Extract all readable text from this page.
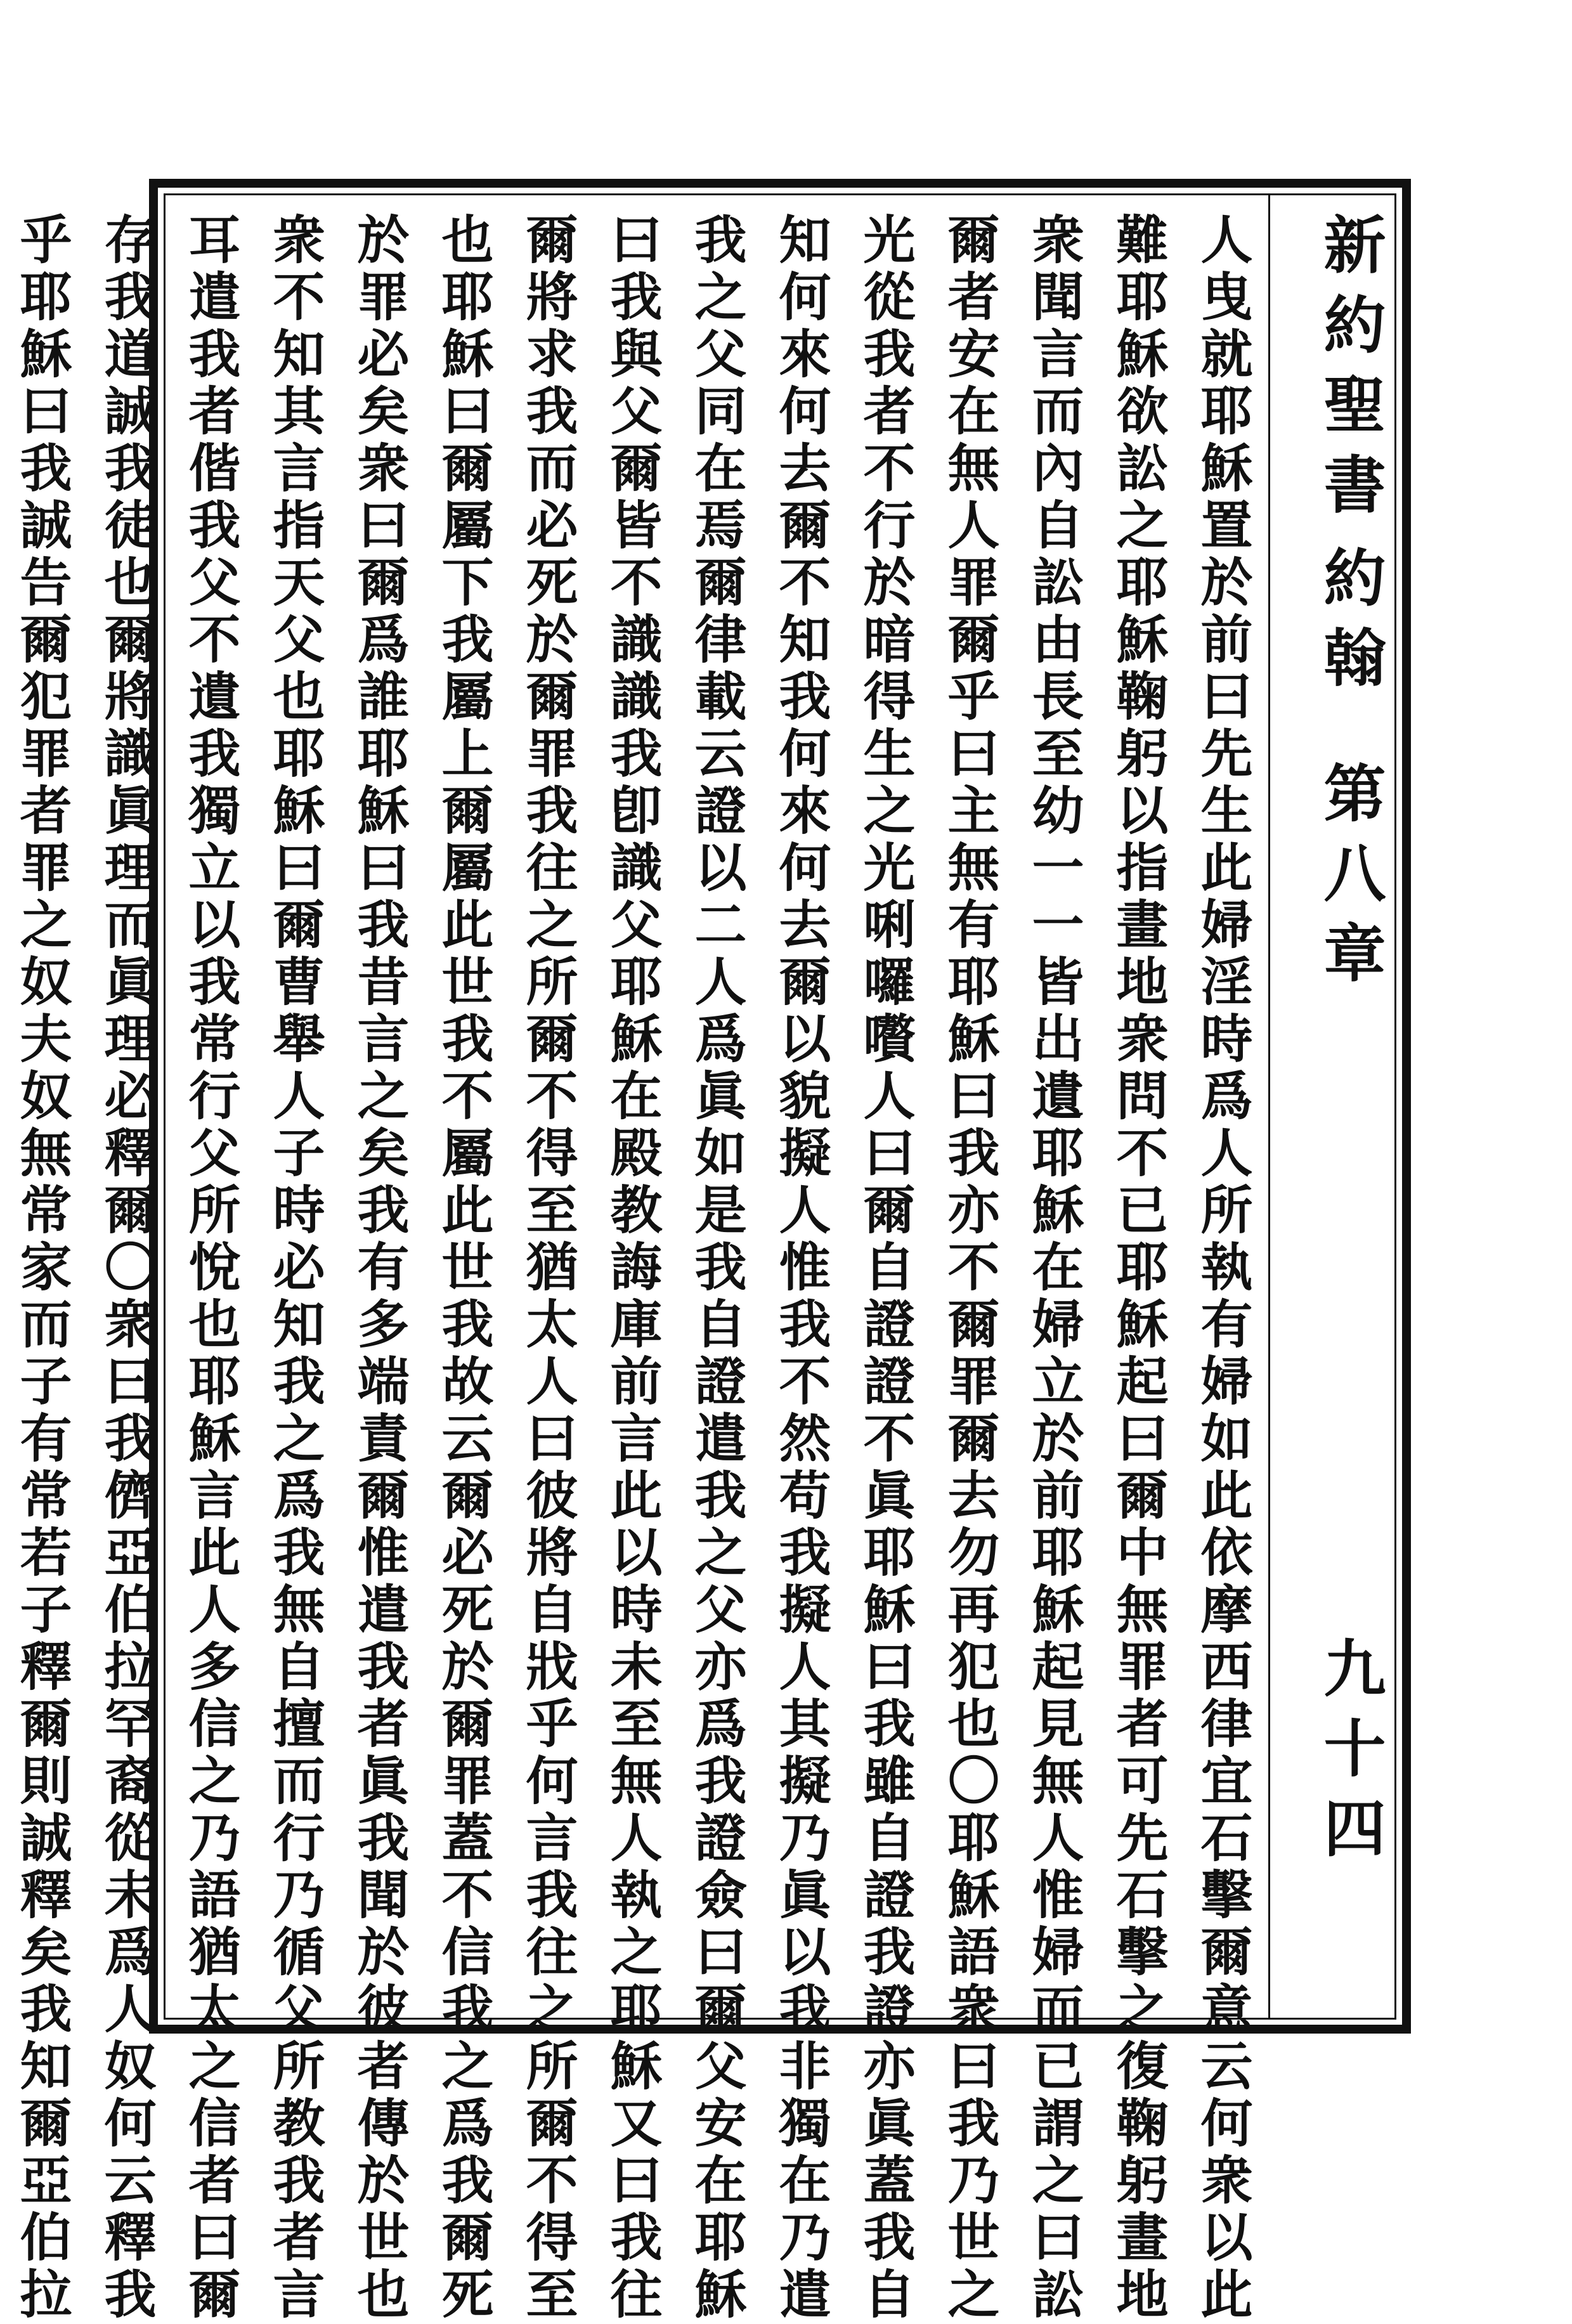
新約聖書
約翰
第八章
九十四
人曳就耶穌置於前曰先生此婦淫時爲人所執有婦如此依摩西律宜石擊爾意云何衆以此
難耶穌欲訟之耶穌鞠躬以指畫地衆問不已耶穌起曰爾中無罪者可先石擊之復鞠躬畫地
衆聞言而內自訟由長至幼一一皆出遺耶穌在婦立於前耶穌起見無人惟婦而已謂之曰訟
爾者安在無人罪爾乎曰主無有耶穌曰我亦不爾罪爾去勿再犯也〇耶穌語衆曰我乃世之
光從我者不行於暗得生之光唎囉嚽人曰爾自證證不眞耶穌曰我雖自證我證亦眞蓋我自
知何來何去爾不知我何來何去爾以貌擬人惟我不然苟我擬人其擬乃眞以我非獨在乃遣
我之父同在焉爾律載云證以二人爲眞如是我自證遣我之父亦爲我證僉曰爾父安在耶穌
曰我與父爾皆不識識我卽識父耶穌在殿教誨庫前言此以時未至無人執之耶穌又曰我往
爾將求我而必死於爾罪我往之所爾不得至猶太人曰彼將自戕乎何言我往之所爾不得至
也耶穌曰爾屬下我屬上爾屬此世我不屬此世我故云爾必死於爾罪蓋不信我之爲我爾死
於罪必矣衆曰爾爲誰耶穌曰我昔言之矣我有多端責爾惟遣我者眞我聞於彼者傳於世也
衆不知其言指天父也耶穌曰爾曹舉人子時必知我之爲我無自擅而行乃循父所教我者言
耳遣我者偕我父不遺我獨立以我常行父所悅也耶穌言此人多信之乃語猶太之信者曰爾
存我道誠我徒也爾將識眞理而眞理必釋爾〇衆曰我儕亞伯拉罕裔從未爲人奴何云釋我
乎耶穌曰我誠告爾犯罪者罪之奴夫奴無常家而子有常若子釋爾則誠釋矣我知爾亞伯拉
